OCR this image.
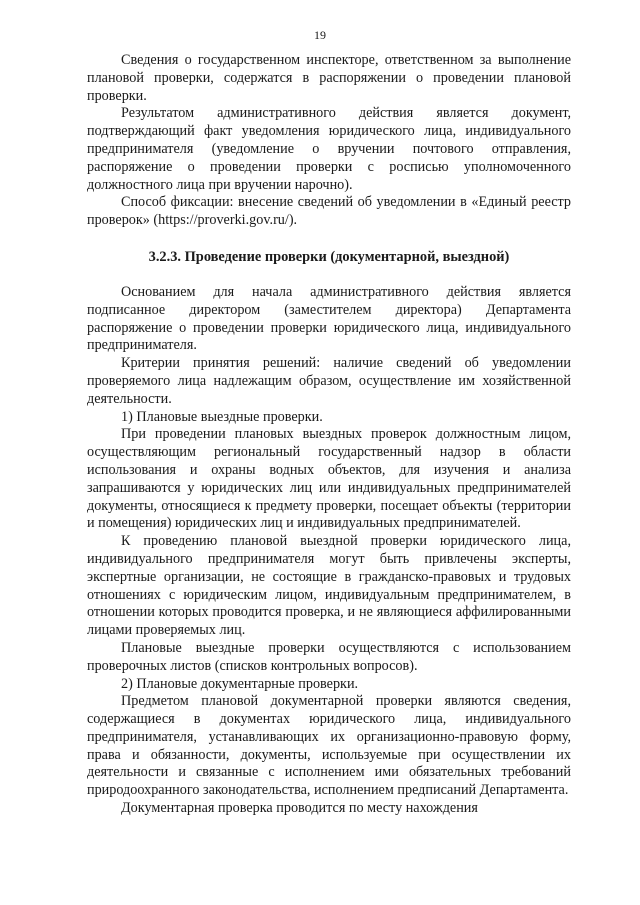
19

Сведения о государственном инспекторе, ответственном за выполнение плановой проверки, содержатся в распоряжении о проведении плановой проверки.

Результатом административного действия является документ, подтверждающий факт уведомления юридического лица, индивидуального предпринимателя (уведомление о вручении почтового отправления, распоряжение о проведении проверки с росписью уполномоченного должностного лица при вручении нарочно).

Способ фиксации: внесение сведений об уведомлении в «Единый реестр проверок» (https://proverki.gov.ru/).

3.2.3. Проведение проверки (документарной, выездной)

Основанием для начала административного действия является подписанное директором (заместителем директора) Департамента распоряжение о проведении проверки юридического лица, индивидуального предпринимателя.

Критерии принятия решений: наличие сведений об уведомлении проверяемого лица надлежащим образом, осуществление им хозяйственной деятельности.

1) Плановые выездные проверки.

При проведении плановых выездных проверок должностным лицом, осуществляющим региональный государственный надзор в области использования и охраны водных объектов, для изучения и анализа запрашиваются у юридических лиц или индивидуальных предпринимателей документы, относящиеся к предмету проверки, посещает объекты (территории и помещения) юридических лиц и индивидуальных предпринимателей.

К проведению плановой выездной проверки юридического лица, индивидуального предпринимателя могут быть привлечены эксперты, экспертные организации, не состоящие в гражданско-правовых и трудовых отношениях с юридическим лицом, индивидуальным предпринимателем, в отношении которых проводится проверка, и не являющиеся аффилированными лицами проверяемых лиц.

Плановые выездные проверки осуществляются с использованием проверочных листов (списков контрольных вопросов).

2) Плановые документарные проверки.

Предметом плановой документарной проверки являются сведения, содержащиеся в документах юридического лица, индивидуального предпринимателя, устанавливающих их организационно-правовую форму, права и обязанности, документы, используемые при осуществлении их деятельности и связанные с исполнением ими обязательных требований природоохранного законодательства, исполнением предписаний Департамента.

Документарная проверка проводится по месту нахождения
